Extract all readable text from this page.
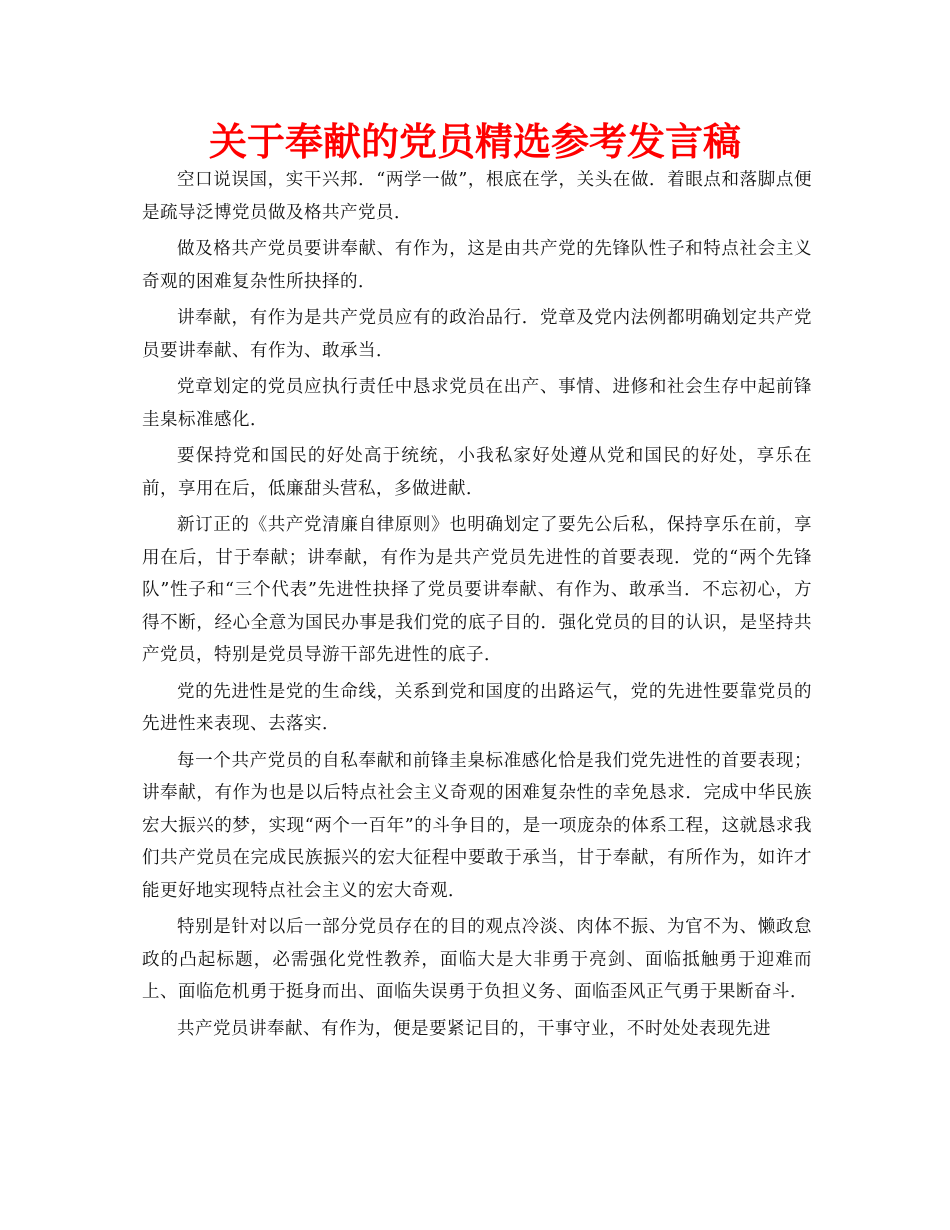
关于奉献的党员精选参考发言稿

空口说误国，实干兴邦．“两学一做”，根底在学，关头在做．着眼点和落脚点便是疏导泛博党员做及格共产党员．

做及格共产党员要讲奉献、有作为，这是由共产党的先锋队性子和特点社会主义奇观的困难复杂性所抉择的．

讲奉献，有作为是共产党员应有的政治品行．党章及党内法例都明确划定共产党员要讲奉献、有作为、敢承当．

党章划定的党员应执行责任中恳求党员在出产、事情、进修和社会生存中起前锋圭臬标准感化．

要保持党和国民的好处高于统统，小我私家好处遵从党和国民的好处，享乐在前，享用在后，低廉甜头营私，多做进献．

新订正的《共产党清廉自律原则》也明确划定了要先公后私，保持享乐在前，享用在后，甘于奉献；讲奉献，有作为是共产党员先进性的首要表现．党的“两个先锋队”性子和“三个代表”先进性抉择了党员要讲奉献、有作为、敢承当．不忘初心，方得不断，经心全意为国民办事是我们党的底子目的．强化党员的目的认识，是坚持共产党员，特别是党员导游干部先进性的底子．

党的先进性是党的生命线，关系到党和国度的出路运气，党的先进性要靠党员的先进性来表现、去落实．

每一个共产党员的自私奉献和前锋圭臬标准感化恰是我们党先进性的首要表现；讲奉献，有作为也是以后特点社会主义奇观的困难复杂性的幸免恳求．完成中华民族宏大振兴的梦，实现“两个一百年”的斗争目的，是一项庞杂的体系工程，这就恳求我们共产党员在完成民族振兴的宏大征程中要敢于承当，甘于奉献，有所作为，如许才能更好地实现特点社会主义的宏大奇观．

特别是针对以后一部分党员存在的目的观点冷淡、肉体不振、为官不为、懒政怠政的凸起标题，必需强化党性教养，面临大是大非勇于亮剑、面临抵触勇于迎难而上、面临危机勇于挺身而出、面临失误勇于负担义务、面临歪风正气勇于果断奋斗．

共产党员讲奉献、有作为，便是要紧记目的，干事守业，不时处处表现先进
